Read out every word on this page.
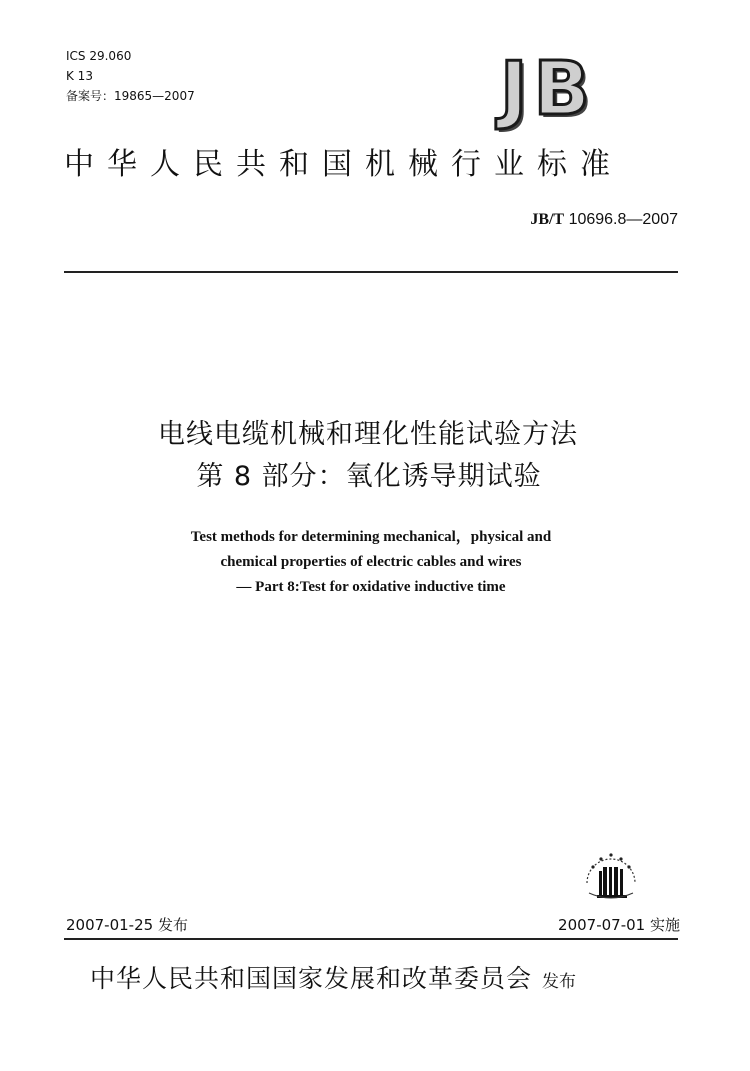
ICS 29.060
K 13
备案号：19865—2007	JB
中华人民共和国机械行业标准
JB/T 10696.8—2007
电线电缆机械和理化性能试验方法
第 8 部分：氧化诱导期试验
Test methods for determining mechanical，physical and
chemical properties of electric cables and wires
— Part 8:Test for oxidative inductive time
2007-01-25 发布	2007-07-01 实施
中华人民共和国国家发展和改革委员会 发布
